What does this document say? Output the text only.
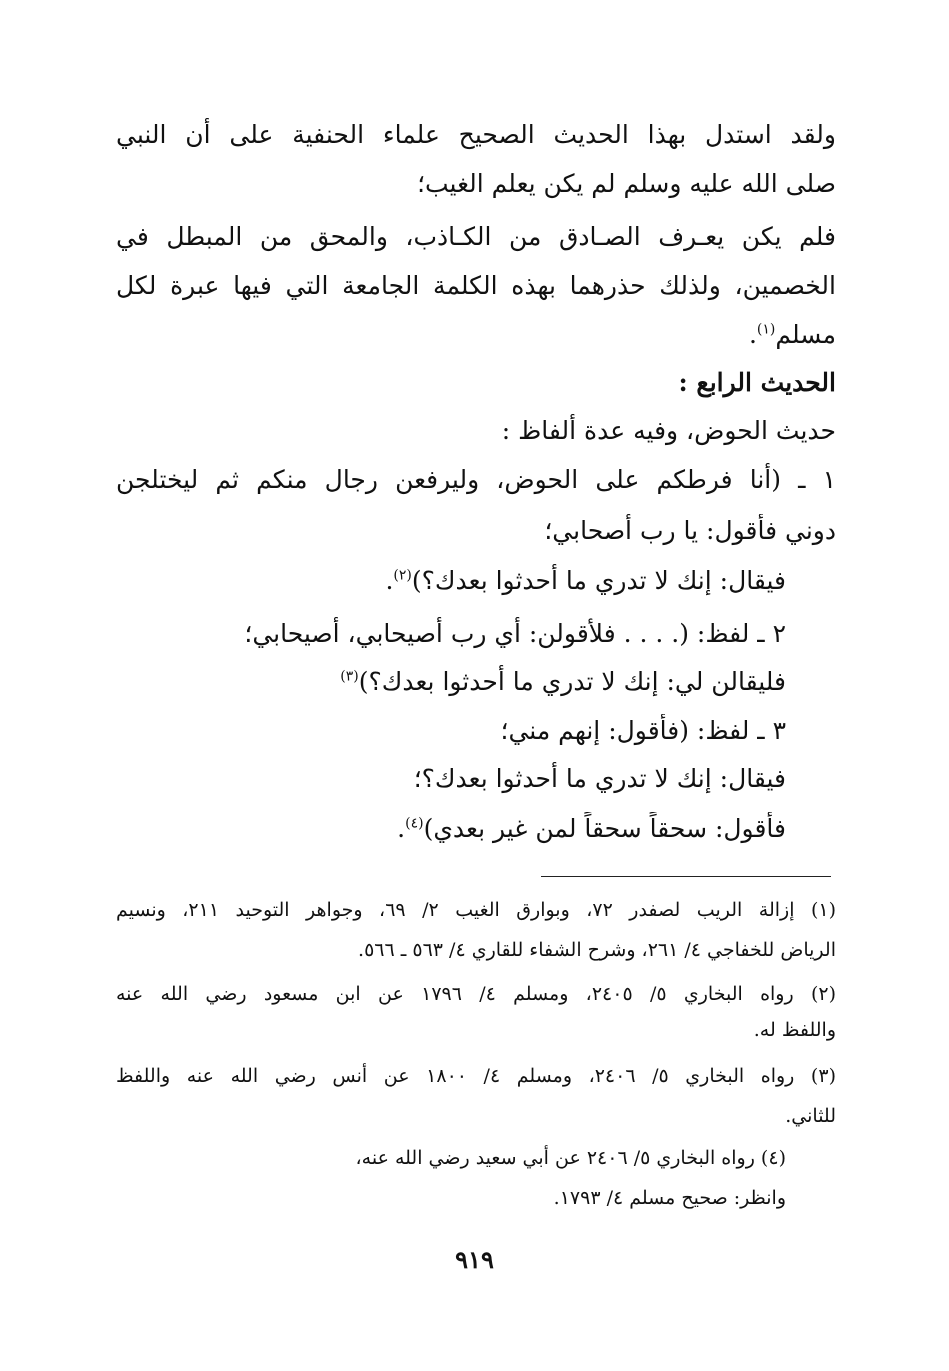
ولقد استدل بهذا الحديث الصحيح علماء الحنفية على أن النبي
صلى الله عليه وسلم لم يكن يعلم الغيب؛
فلم يكن يعـرف الصـادق من الكـاذب، والمحق من المبطل في
الخصمين، ولذلك حذرهما بهذه الكلمة الجامعة التي فيها عبرة لكل
مسلم$^{(١)}$.
الحديث الرابع :
حديث الحوض، وفيه عدة ألفاظ :
١ ـ (أنا فرطكم على الحوض، وليرفعن رجال منكم ثم ليختلجن
دوني فأقول: يا رب أصحابي؛
فيقال: إنك لا تدري ما أحدثوا بعدك؟)$^{(٢)}$.
٢ ـ لفظ: (. . . . فلأقولن: أي رب أصيحابي، أصيحابي؛
فليقالن لي: إنك لا تدري ما أحدثوا بعدك؟)$^{(٣)}$
٣ ـ لفظ: (فأقول: إنهم مني؛
فيقال: إنك لا تدري ما أحدثوا بعدك؟؛
فأقول: سحقاً سحقاً لمن غير بعدي)$^{(٤)}$.
(١) إزالة الريب لصفدر ٧٢، وبوارق الغيب ٢/ ٦٩، وجواهر التوحيد ٢١١، ونسيم
الرياض للخفاجي ٤/ ٢٦١، وشرح الشفاء للقاري ٤/ ٥٦٣ ـ ٥٦٦.
(٢) رواه البخاري ٥/ ٢٤٠٥، ومسلم ٤/ ١٧٩٦ عن ابن مسعود رضي الله عنه
واللفظ له.
(٣) رواه البخاري ٥/ ٢٤٠٦، ومسلم ٤/ ١٨٠٠ عن أنس رضي الله عنه واللفظ
للثاني.
(٤) رواه البخاري ٥/ ٢٤٠٦ عن أبي سعيد رضي الله عنه،
وانظر: صحيح مسلم ٤/ ١٧٩٣.
٩١٩
